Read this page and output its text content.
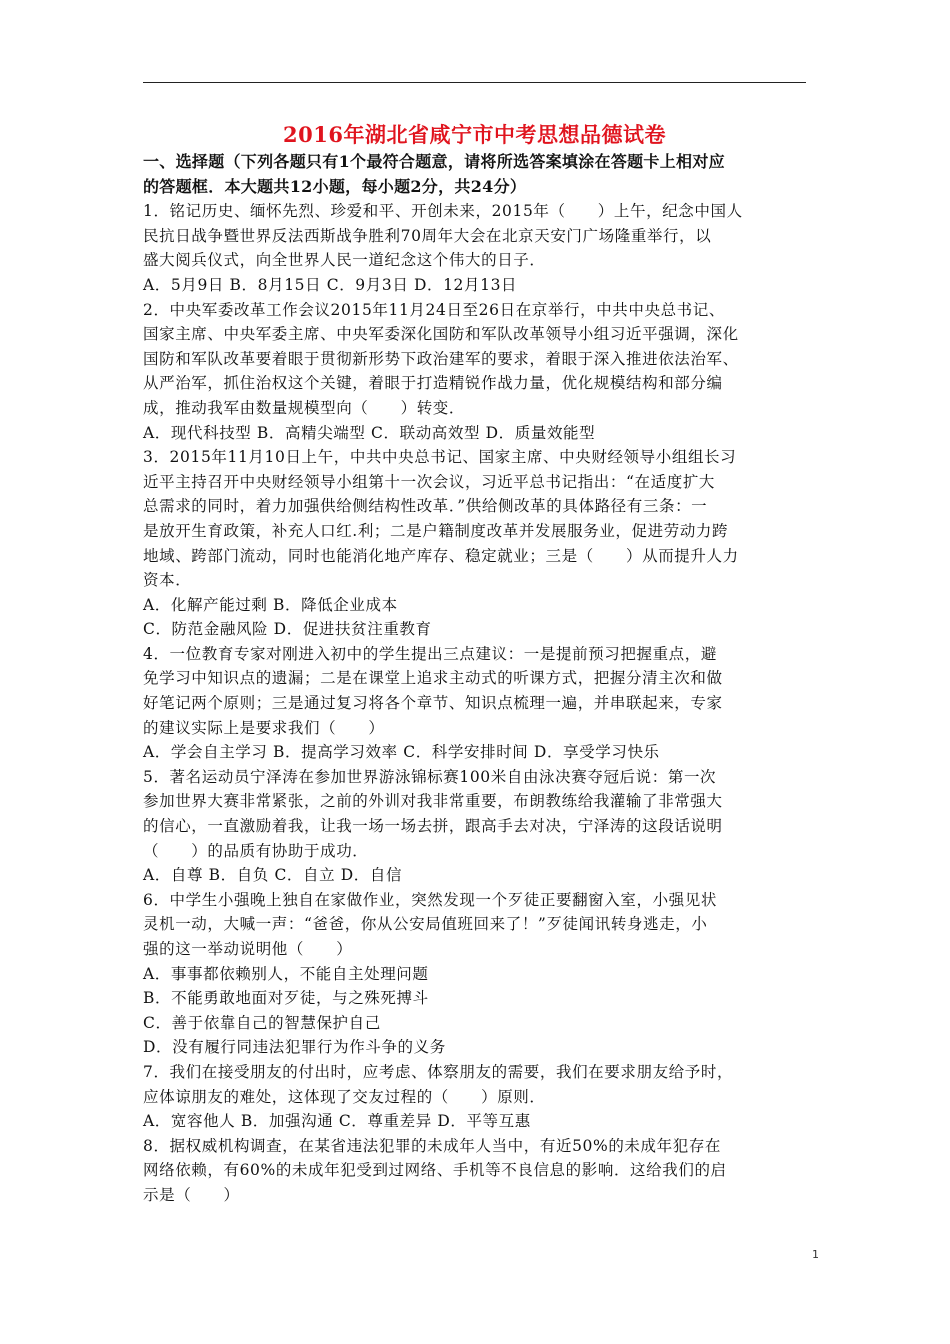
2016年湖北省咸宁市中考思想品德试卷
一、选择题（下列各题只有1个最符合题意，请将所选答案填涂在答题卡上相对应
的答题框．本大题共12小题，每小题2分，共24分）
1．铭记历史、缅怀先烈、珍爱和平、开创未来，2015年（　　）上午，纪念中国人
民抗日战争暨世界反法西斯战争胜利70周年大会在北京天安门广场隆重举行，以
盛大阅兵仪式，向全世界人民一道纪念这个伟大的日子．
A．5月9日 B．8月15日 C．9月3日 D．12月13日
2．中央军委改革工作会议2015年11月24日至26日在京举行，中共中央总书记、
国家主席、中央军委主席、中央军委深化国防和军队改革领导小组习近平强调，深化
国防和军队改革要着眼于贯彻新形势下政治建军的要求，着眼于深入推进依法治军、
从严治军，抓住治权这个关键，着眼于打造精锐作战力量，优化规模结构和部分编
成，推动我军由数量规模型向（　　）转变．
A．现代科技型 B．高精尖端型 C．联动高效型 D．质量效能型
3．2015年11月10日上午，中共中央总书记、国家主席、中央财经领导小组组长习
近平主持召开中央财经领导小组第十一次会议，习近平总书记指出：“在适度扩大
总需求的同时，着力加强供给侧结构性改革．”供给侧改革的具体路径有三条：一
是放开生育政策，补充人口红.利；二是户籍制度改革并发展服务业，促进劳动力跨
地域、跨部门流动，同时也能消化地产库存、稳定就业；三是（　　）从而提升人力
资本．
A．化解产能过剩 B．降低企业成本
C．防范金融风险 D．促进扶贫注重教育
4．一位教育专家对刚进入初中的学生提出三点建议：一是提前预习把握重点，避
免学习中知识点的遗漏；二是在课堂上追求主动式的听课方式，把握分清主次和做
好笔记两个原则；三是通过复习将各个章节、知识点梳理一遍，并串联起来，专家
的建议实际上是要求我们（　　）
A．学会自主学习 B．提高学习效率 C．科学安排时间 D．享受学习快乐
5．著名运动员宁泽涛在参加世界游泳锦标赛100米自由泳决赛夺冠后说：第一次
参加世界大赛非常紧张，之前的外训对我非常重要，布朗教练给我灌输了非常强大
的信心，一直激励着我，让我一场一场去拼，跟高手去对决，宁泽涛的这段话说明
（　　）的品质有协助于成功．
A．自尊 B．自负 C．自立 D．自信
6．中学生小强晚上独自在家做作业，突然发现一个歹徒正要翻窗入室，小强见状
灵机一动，大喊一声：“爸爸，你从公安局值班回来了！”歹徒闻讯转身逃走，小
强的这一举动说明他（　　）
A．事事都依赖别人，不能自主处理问题
B．不能勇敢地面对歹徒，与之殊死搏斗
C．善于依靠自己的智慧保护自己
D．没有履行同违法犯罪行为作斗争的义务
7．我们在接受朋友的付出时，应考虑、体察朋友的需要，我们在要求朋友给予时，
应体谅朋友的难处，这体现了交友过程的（　　）原则．
A．宽容他人 B．加强沟通 C．尊重差异 D．平等互惠
8．据权威机构调查，在某省违法犯罪的未成年人当中，有近50%的未成年犯存在
网络依赖，有60%的未成年犯受到过网络、手机等不良信息的影响．这给我们的启
示是（　　）
1
